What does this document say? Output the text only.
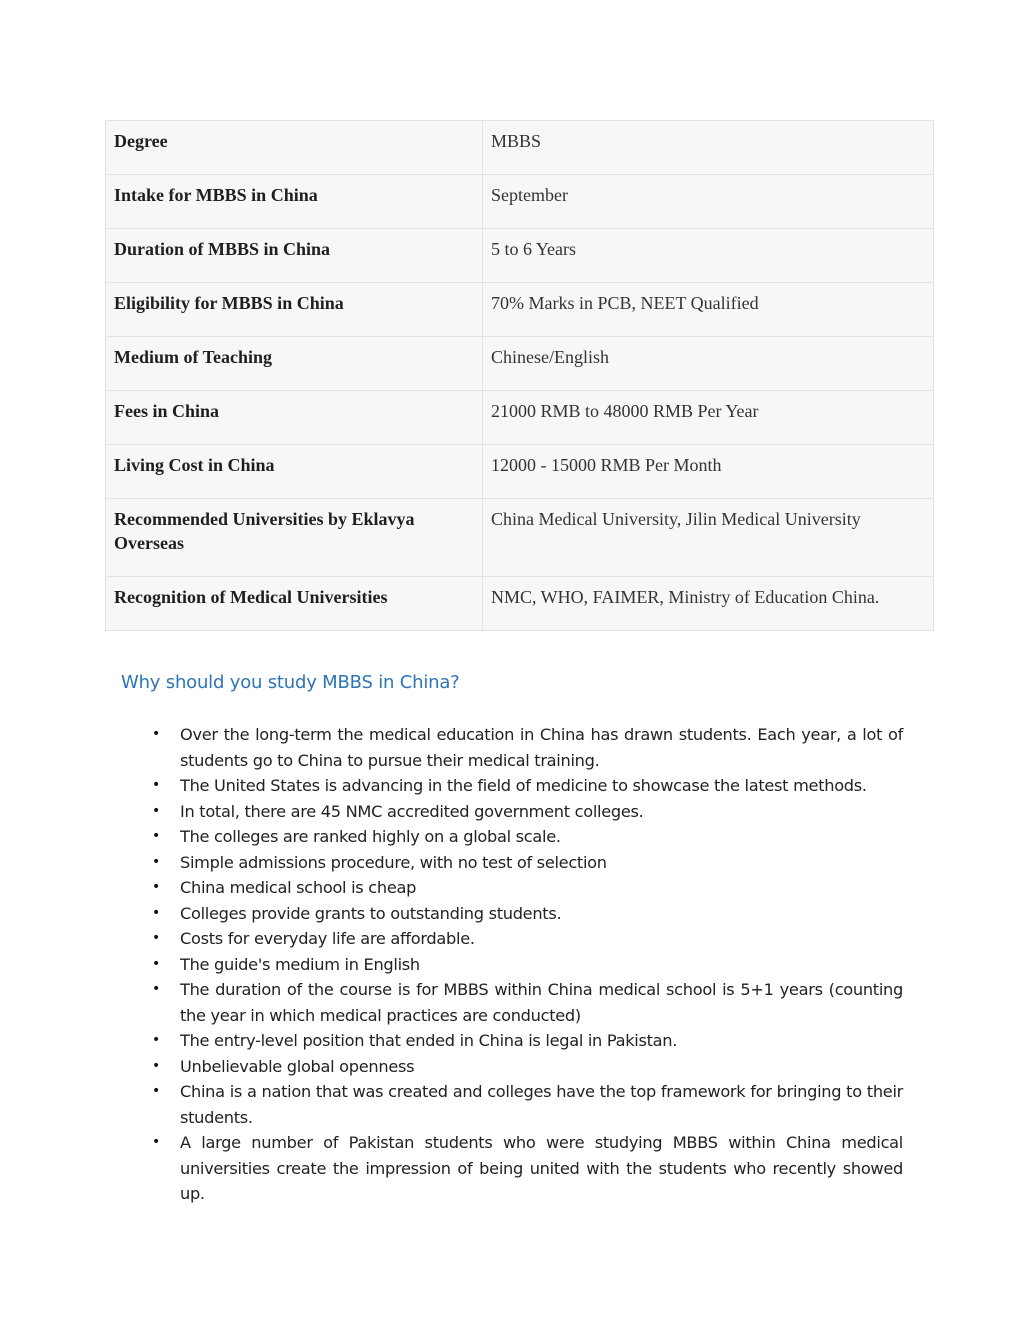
Degree	MBBS
Intake for MBBS in China	September
Duration of MBBS in China	5 to 6 Years
Eligibility for MBBS in China	70% Marks in PCB, NEET Qualified
Medium of Teaching	Chinese/English
Fees in China	21000 RMB to 48000 RMB Per Year
Living Cost in China	12000 - 15000 RMB Per Month
Recommended Universities by Eklavya Overseas	China Medical University, Jilin Medical University
Recognition of Medical Universities	NMC, WHO, FAIMER, Ministry of Education China.
Why should you study MBBS in China?
• Over the long-term the medical education in China has drawn students. Each year, a lot of students go to China to pursue their medical training.
• The United States is advancing in the field of medicine to showcase the latest methods.
• In total, there are 45 NMC accredited government colleges.
• The colleges are ranked highly on a global scale.
• Simple admissions procedure, with no test of selection
• China medical school is cheap
• Colleges provide grants to outstanding students.
• Costs for everyday life are affordable.
• The guide's medium in English
• The duration of the course is for MBBS within China medical school is 5+1 years (counting the year in which medical practices are conducted)
• The entry-level position that ended in China is legal in Pakistan.
• Unbelievable global openness
• China is a nation that was created and colleges have the top framework for bringing to their students.
• A large number of Pakistan students who were studying MBBS within China medical universities create the impression of being united with the students who recently showed up.
